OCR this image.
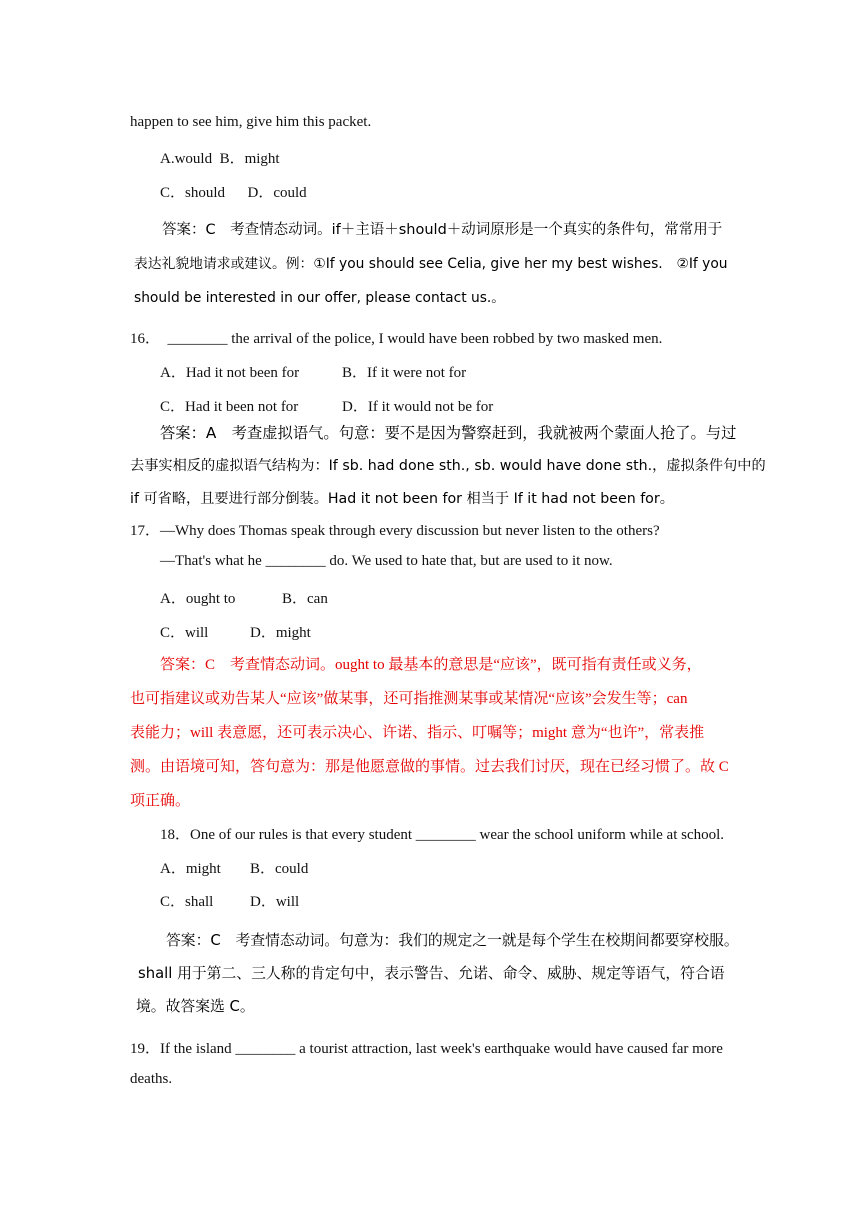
happen to see him, give him this packet.
A.would  B．might
C．should      D．could
答案：C　考查情态动词。if＋主语＋should＋动词原形是一个真实的条件句，常常用于
表达礼貌地请求或建议。例：①If you should see Celia, give her my best wishes.　②If you
should be interested in our offer, please contact us.。
16．  ________ the arrival of the police, I would have been robbed by two masked men.
A．Had it not been for	B．If it were not for
C．Had it been not for	D．If it would not be for
答案：A　考查虚拟语气。句意：要不是因为警察赶到，我就被两个蒙面人抢了。与过
去事实相反的虚拟语气结构为：If sb. had done sth., sb. would have done sth.，虚拟条件句中的
if 可省略，且要进行部分倒装。Had it not been for 相当于 If it had not been for。
17．—Why does Thomas speak through every discussion but never listen to the others?
—That's what he ________ do. We used to hate that, but are used to it now.
A．ought to	B．can
C．will	D．might
答案：C　考查情态动词。ought to 最基本的意思是“应该”，既可指有责任或义务，
也可指建议或劝告某人“应该”做某事，还可指推测某事或某情况“应该”会发生等；can
表能力；will 表意愿，还可表示决心、许诺、指示、叮嘱等；might 意为“也许”，常表推
测。由语境可知，答句意为：那是他愿意做的事情。过去我们讨厌，现在已经习惯了。故 C
项正确。
18．One of our rules is that every student ________ wear the school uniform while at school.
A．might B．could
C．shall D．will
答案：C　考查情态动词。句意为：我们的规定之一就是每个学生在校期间都要穿校服。
shall 用于第二、三人称的肯定句中，表示警告、允诺、命令、威胁、规定等语气，符合语
境。故答案选 C。
19．If the island ________ a tourist attraction, last week's earthquake would have caused far more
deaths.
